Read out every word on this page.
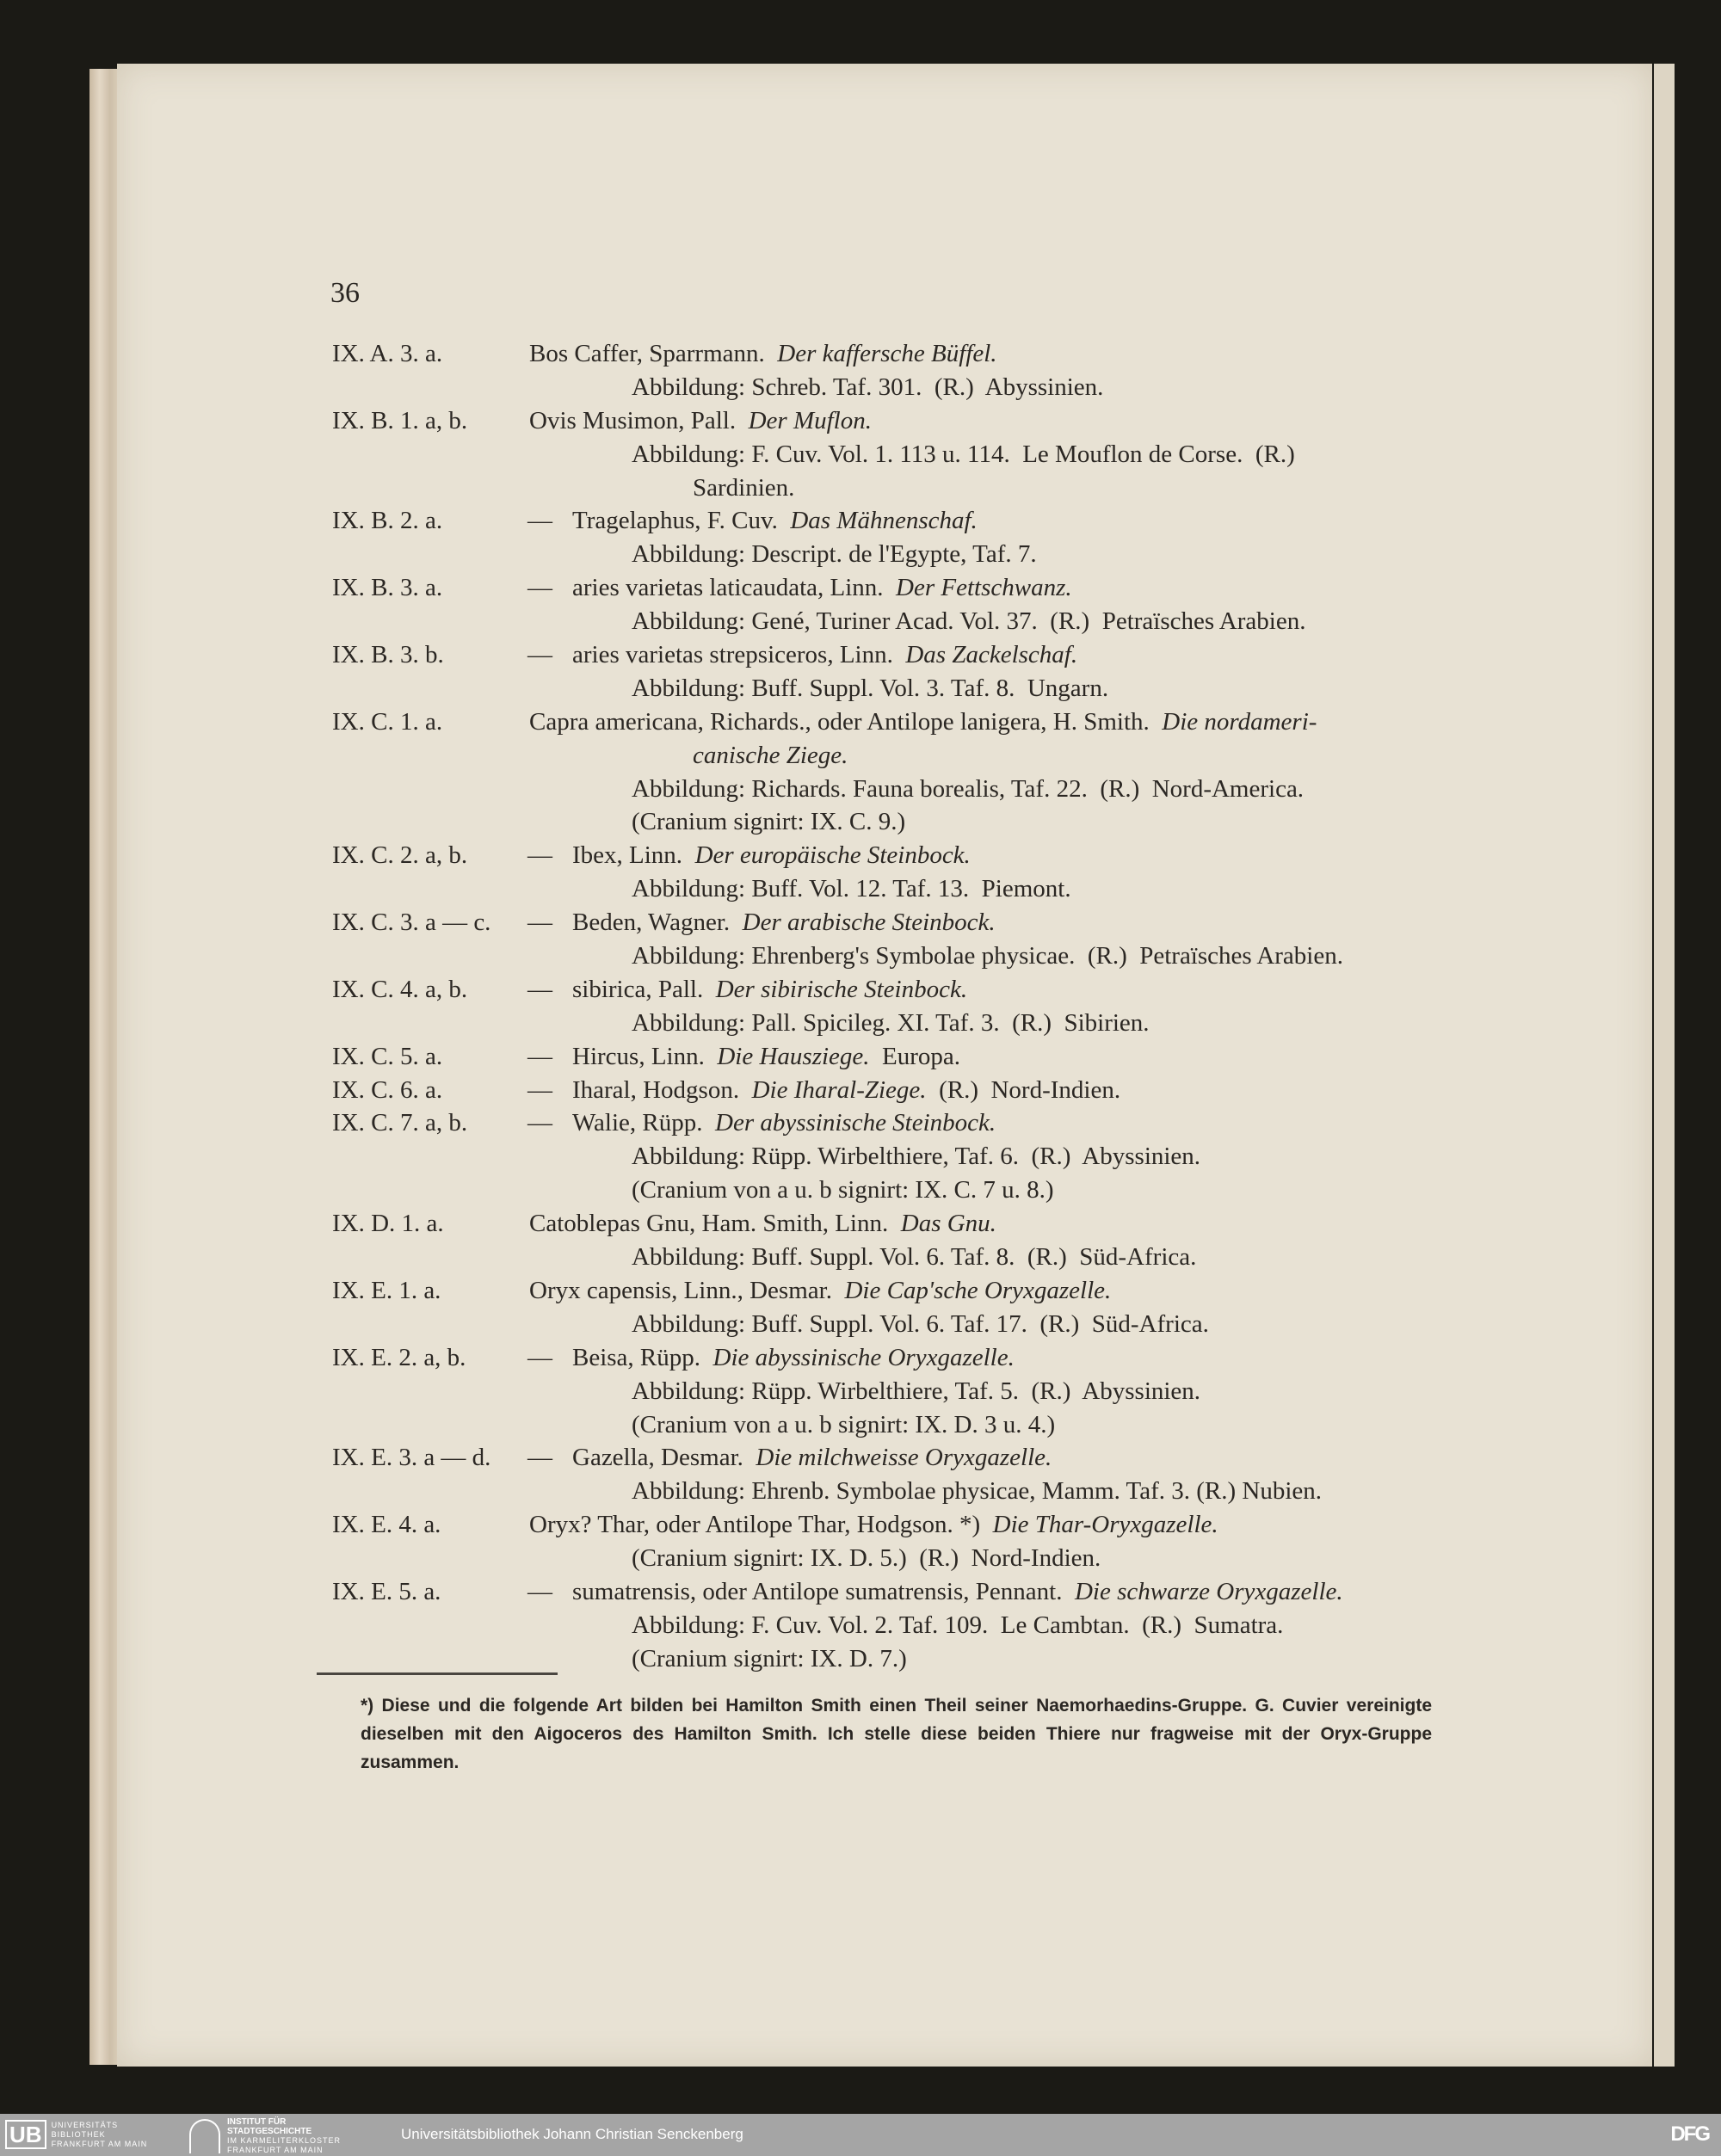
36
IX. A. 3. a.	Bos Caffer, Sparrmann.  Der kaffersche Büffel.
Abbildung: Schreb. Taf. 301.  (R.)  Abyssinien.
IX. B. 1. a, b. Ovis Musimon, Pall.  Der Muflon.
Abbildung: F. Cuv. Vol. 1. 113 u. 114.  Le Mouflon de Corse.  (R.)
Sardinien.
IX. B. 2. a.	— Tragelaphus, F. Cuv.  Das Mähnenschaf.
Abbildung: Descript. de l'Egypte, Taf. 7.
IX. B. 3. a.	— aries varietas laticaudata, Linn.  Der Fettschwanz.
Abbildung: Gené, Turiner Acad. Vol. 37.  (R.)  Petraïsches Arabien.
IX. B. 3. b.	— aries varietas strepsiceros, Linn.  Das Zackelschaf.
Abbildung: Buff. Suppl. Vol. 3. Taf. 8.  Ungarn.
IX. C. 1. a.	Capra americana, Richards., oder Antilope lanigera, H. Smith.  Die nordameri-
canische Ziege.
Abbildung: Richards. Fauna borealis, Taf. 22.  (R.)  Nord-America.
(Cranium signirt: IX. C. 9.)
IX. C. 2. a, b. — Ibex, Linn.  Der europäische Steinbock.
Abbildung: Buff. Vol. 12. Taf. 13.  Piemont.
IX. C. 3. a — c. — Beden, Wagner.  Der arabische Steinbock.
Abbildung: Ehrenberg's Symbolae physicae.  (R.)  Petraïsches Arabien.
IX. C. 4. a, b. — sibirica, Pall.  Der sibirische Steinbock.
Abbildung: Pall. Spicileg. XI. Taf. 3.  (R.)  Sibirien.
IX. C. 5. a.	— Hircus, Linn.  Die Hausziege.  Europa.
IX. C. 6. a.	— Iharal, Hodgson.  Die Iharal-Ziege.  (R.)  Nord-Indien.
IX. C. 7. a, b. — Walie, Rüpp.  Der abyssinische Steinbock.
Abbildung: Rüpp. Wirbelthiere, Taf. 6.  (R.)  Abyssinien.
(Cranium von a u. b signirt: IX. C. 7 u. 8.)
IX. D. 1. a.	Catoblepas Gnu, Ham. Smith, Linn.  Das Gnu.
Abbildung: Buff. Suppl. Vol. 6. Taf. 8.  (R.)  Süd-Africa.
IX. E. 1. a.	Oryx capensis, Linn., Desmar.  Die Cap'sche Oryxgazelle.
Abbildung: Buff. Suppl. Vol. 6. Taf. 17.  (R.)  Süd-Africa.
IX. E. 2. a, b. — Beisa, Rüpp.  Die abyssinische Oryxgazelle.
Abbildung: Rüpp. Wirbelthiere, Taf. 5.  (R.)  Abyssinien.
(Cranium von a u. b signirt: IX. D. 3 u. 4.)
IX. E. 3. a — d. — Gazella, Desmar.  Die milchweisse Oryxgazelle.
Abbildung: Ehrenb. Symbolae physicae, Mamm. Taf. 3. (R.) Nubien.
IX. E. 4. a.	Oryx? Thar, oder Antilope Thar, Hodgson. *)  Die Thar-Oryxgazelle.
(Cranium signirt: IX. D. 5.)  (R.)  Nord-Indien.
IX. E. 5. a.	— sumatrensis, oder Antilope sumatrensis, Pennant.  Die schwarze Oryxgazelle.
Abbildung: F. Cuv. Vol. 2. Taf. 109.  Le Cambtan.  (R.)  Sumatra.
(Cranium signirt: IX. D. 7.)
*) Diese und die folgende Art bilden bei Hamilton Smith einen Theil seiner Naemorhaedins-Gruppe. G. Cuvier vereinigte dieselben mit den Aigoceros des Hamilton Smith. Ich stelle diese beiden Thiere nur fragweise mit der Oryx-Gruppe zusammen.
UB	UNIVERSITÄTS
BIBLIOTHEK
FRANKFURT AM MAIN
INSTITUT FÜR
STADTGESCHICHTE
IM KARMELITERKLOSTER
FRANKFURT AM MAIN
Universitätsbibliothek Johann Christian Senckenberg	DFG
